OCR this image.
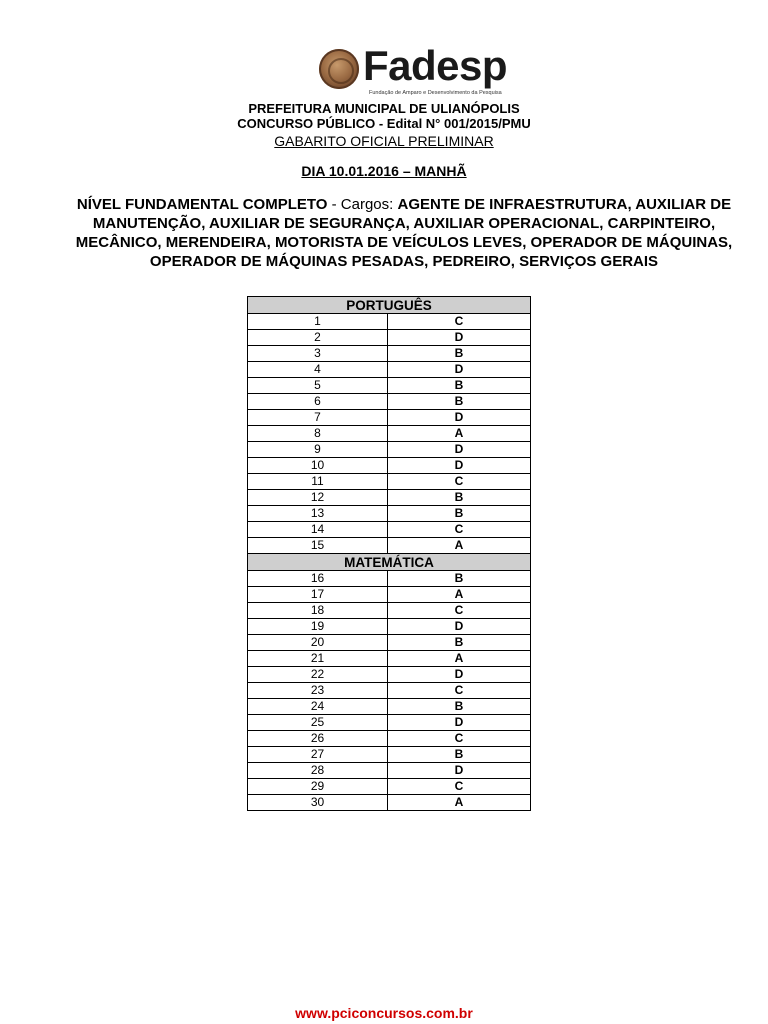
Fadesp
Fundação de Amparo e Desenvolvimento da Pesquisa
PREFEITURA MUNICIPAL DE ULIANÓPOLIS
CONCURSO PÚBLICO - Edital N° 001/2015/PMU
GABARITO OFICIAL PRELIMINAR
DIA 10.01.2016 – MANHÃ
NÍVEL FUNDAMENTAL COMPLETO - Cargos: AGENTE DE INFRAESTRUTURA, AUXILIAR DE MANUTENÇÃO, AUXILIAR DE SEGURANÇA, AUXILIAR OPERACIONAL, CARPINTEIRO, MECÂNICO, MERENDEIRA, MOTORISTA DE VEÍCULOS LEVES, OPERADOR DE MÁQUINAS, OPERADOR DE MÁQUINAS PESADAS, PEDREIRO, SERVIÇOS GERAIS
PORTUGUÊS	
1	C
2	D
3	B
4	D
5	B
6	B
7	D
8	A
9	D
10	D
11	C
12	B
13	B
14	C
15	A
MATEMÁTICA	
16	B
17	A
18	C
19	D
20	B
21	A
22	D
23	C
24	B
25	D
26	C
27	B
28	D
29	C
30	A
www.pciconcursos.com.br
